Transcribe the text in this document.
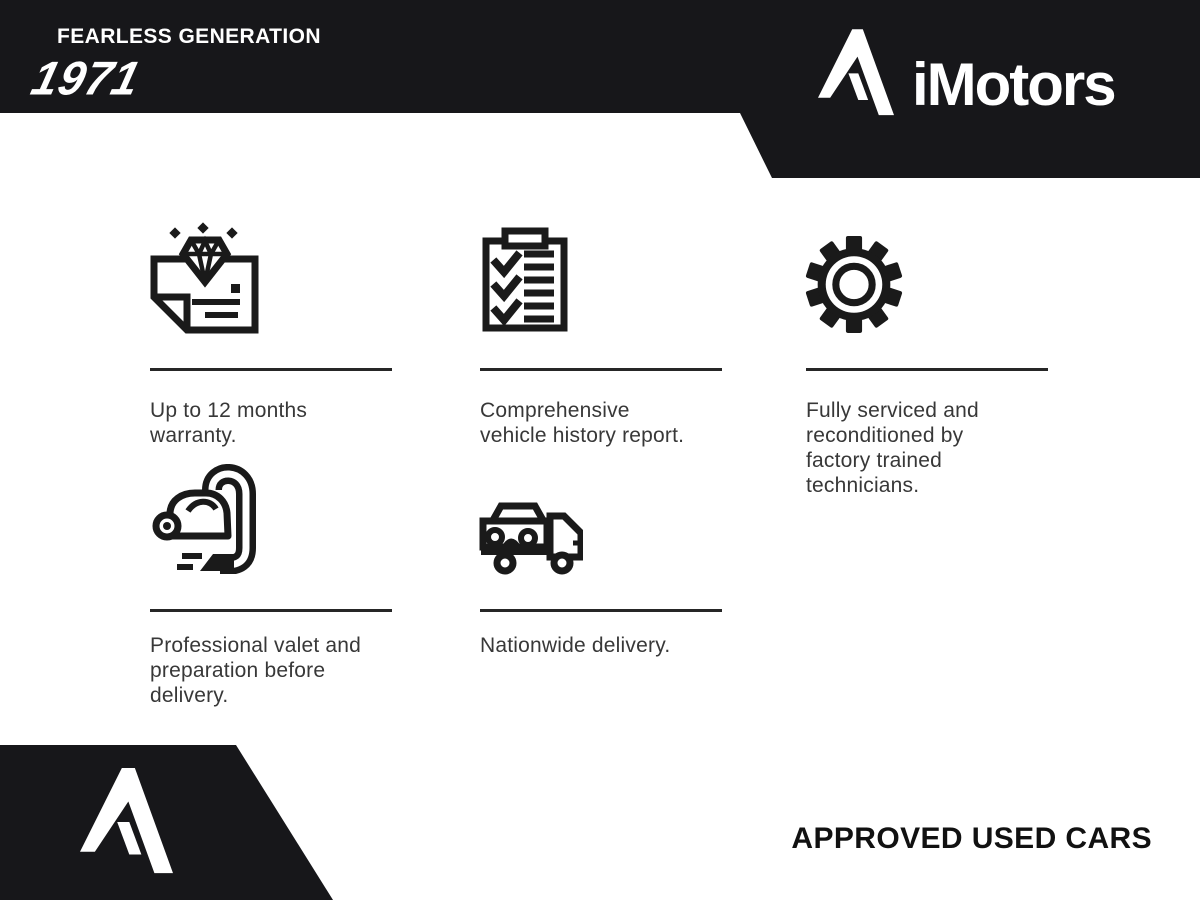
FEARLESS GENERATION
1971	iMotors
Up to 12 months
warranty.
Comprehensive
vehicle history report.
Fully serviced and
reconditioned by
factory trained
technicians.
Professional valet and
preparation before
delivery.
Nationwide delivery.
APPROVED USED CARS
